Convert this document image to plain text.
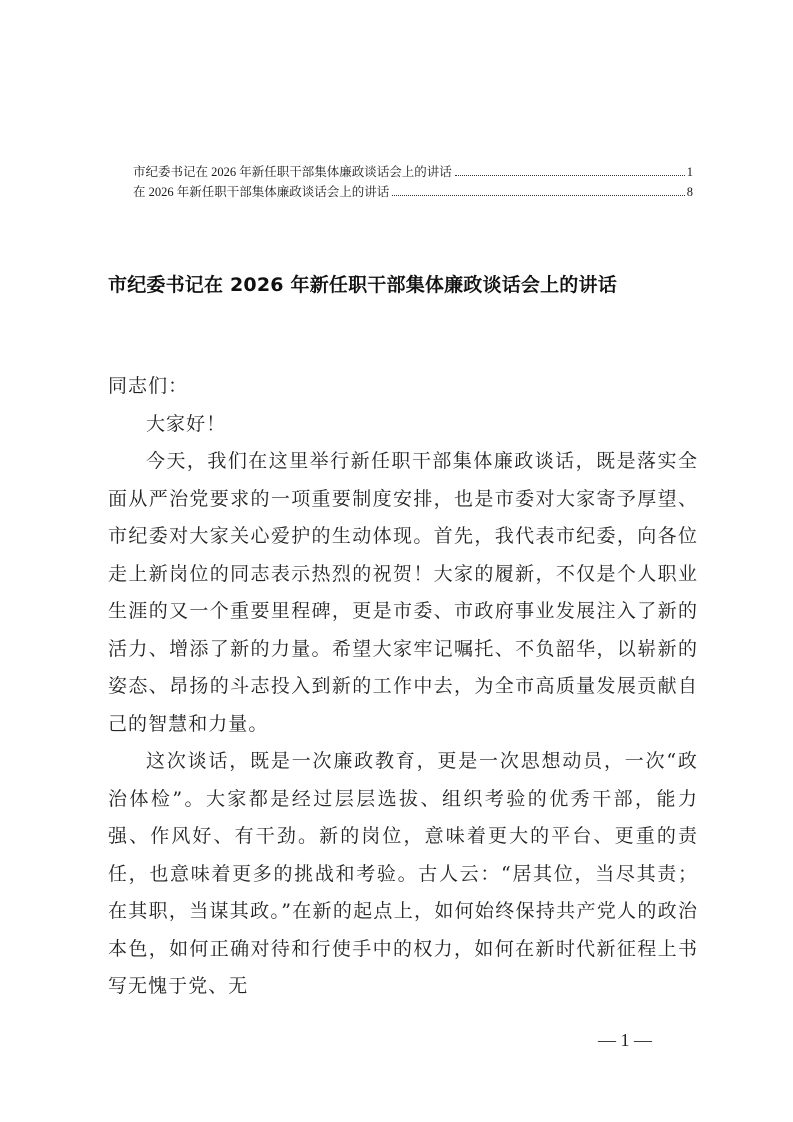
市纪委书记在 2026 年新任职干部集体廉政谈话会上的讲话	1
在 2026 年新任职干部集体廉政谈话会上的讲话	8
市纪委书记在 2026 年新任职干部集体廉政谈话会上的讲话

同志们：

大家好！

今天，我们在这里举行新任职干部集体廉政谈话，既是落实全面从严治党要求的一项重要制度安排，也是市委对大家寄予厚望、市纪委对大家关心爱护的生动体现。首先，我代表市纪委，向各位走上新岗位的同志表示热烈的祝贺！大家的履新，不仅是个人职业生涯的又一个重要里程碑，更是市委、市政府事业发展注入了新的活力、增添了新的力量。希望大家牢记嘱托、不负韶华，以崭新的姿态、昂扬的斗志投入到新的工作中去，为全市高质量发展贡献自己的智慧和力量。

这次谈话，既是一次廉政教育，更是一次思想动员，一次“政治体检”。大家都是经过层层选拔、组织考验的优秀干部，能力强、作风好、有干劲。新的岗位，意味着更大的平台、更重的责任，也意味着更多的挑战和考验。古人云：“居其位，当尽其责；在其职，当谋其政。”在新的起点上，如何始终保持共产党人的政治本色，如何正确对待和行使手中的权力，如何在新时代新征程上书写无愧于党、无

— 1 —
